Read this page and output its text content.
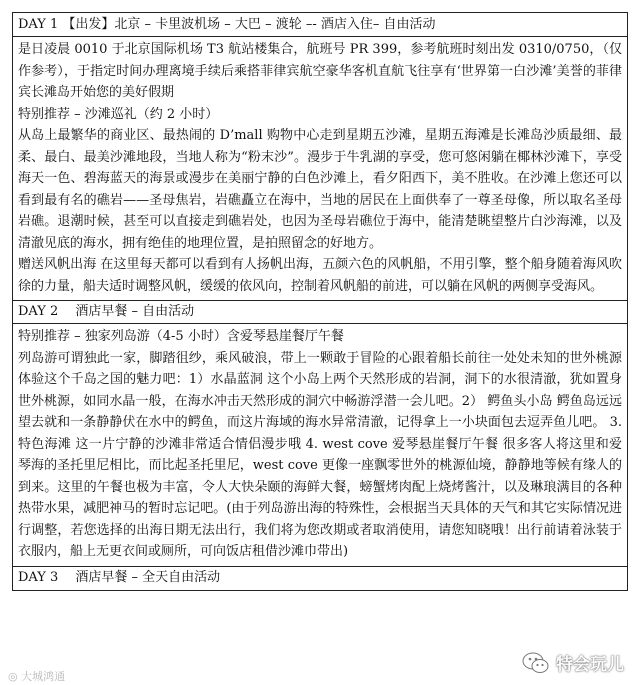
DAY 1 【出发】北京 – 卡里波机场 – 大巴 – 渡轮 –- 酒店入住– 自由活动

是日凌晨 0010 于北京国际机场 T3 航站楼集合，航班号 PR 399，参考航班时刻出发 0310/0750，（仅作参考），于指定时间办理离境手续后乘搭菲律宾航空豪华客机直航飞往享有‘世界第一白沙滩’美誉的菲律宾长滩岛开始您的美好假期

特别推荐 – 沙滩巡礼（约 2 小时）

从岛上最繁华的商业区、最热闹的 D’mall 购物中心走到星期五沙滩，星期五海滩是长滩岛沙质最细、最柔、最白、最美沙滩地段，当地人称为“粉末沙”。漫步于牛乳湖的享受，您可悠闲躺在椰林沙滩下，享受海天一色、碧海蓝天的海景或漫步在美丽宁静的白色沙滩上，看夕阳西下，美不胜收。在沙滩上您还可以看到最有名的礁岩——圣母焦岩，岩礁矗立在海中，当地的居民在上面供奉了一尊圣母像，所以取名圣母岩礁。退潮时候，甚至可以直接走到礁岩处，也因为圣母岩礁位于海中，能清楚眺望整片白沙海滩，以及清澈见底的海水，拥有绝佳的地理位置，是拍照留念的好地方。

赠送风帆出海 在这里每天都可以看到有人扬帆出海，五颜六色的风帆船，不用引擎，整个船身随着海风吹徐的力量，船夫适时调整风帆，缓缓的依风向，控制着风帆船的前进，可以躺在风帆的两侧享受海风。

DAY 2　 酒店早餐 – 自由活动

特别推荐 – 独家列岛游（4-5 小时）含爱琴悬崖餐厅午餐

列岛游可谓独此一家，脚踏徂纱，乘风破浪，带上一颗敢于冒险的心跟着船长前往一处处未知的世外桃源体验这个千岛之国的魅力吧：1）水晶蓝洞 这个小岛上两个天然形成的岩洞，洞下的水很清澈，犹如置身世外桃源，如同水晶一般，在海水冲击天然形成的洞穴中畅游浮潜一会儿吧。2） 鳄鱼头小岛 鳄鱼岛远远望去就和一条静静伏在水中的鳄鱼，而这片海域的海水异常清澈，记得拿上一小块面包去逗弄鱼儿吧。 3. 特色海滩 这一片宁静的沙滩非常适合情侣漫步哦 4. west cove 爱琴悬崖餐厅午餐 很多客人将这里和爱琴海的圣托里尼相比，而比起圣托里尼，west cove 更像一座飘零世外的桃源仙境，静静地等候有缘人的到来。这里的午餐也极为丰富，令人大快朵颐的海鲜大餐，螃蟹烤肉配上烧烤酱汁，以及琳琅满目的各种热带水果，减肥神马的暂时忘记吧。(由于列岛游出海的特殊性，会根据当天具体的天气和其它实际情况进行调整，若您选择的出海日期无法出行，我们将为您改期或者取消使用，请您知晓哦！出行前请着泳装于衣服内，船上无更衣间或厕所，可向饭店租借沙滩巾带出)

DAY 3　 酒店早餐 – 全天自由活动
◎ 大城鸿通
特会玩儿
